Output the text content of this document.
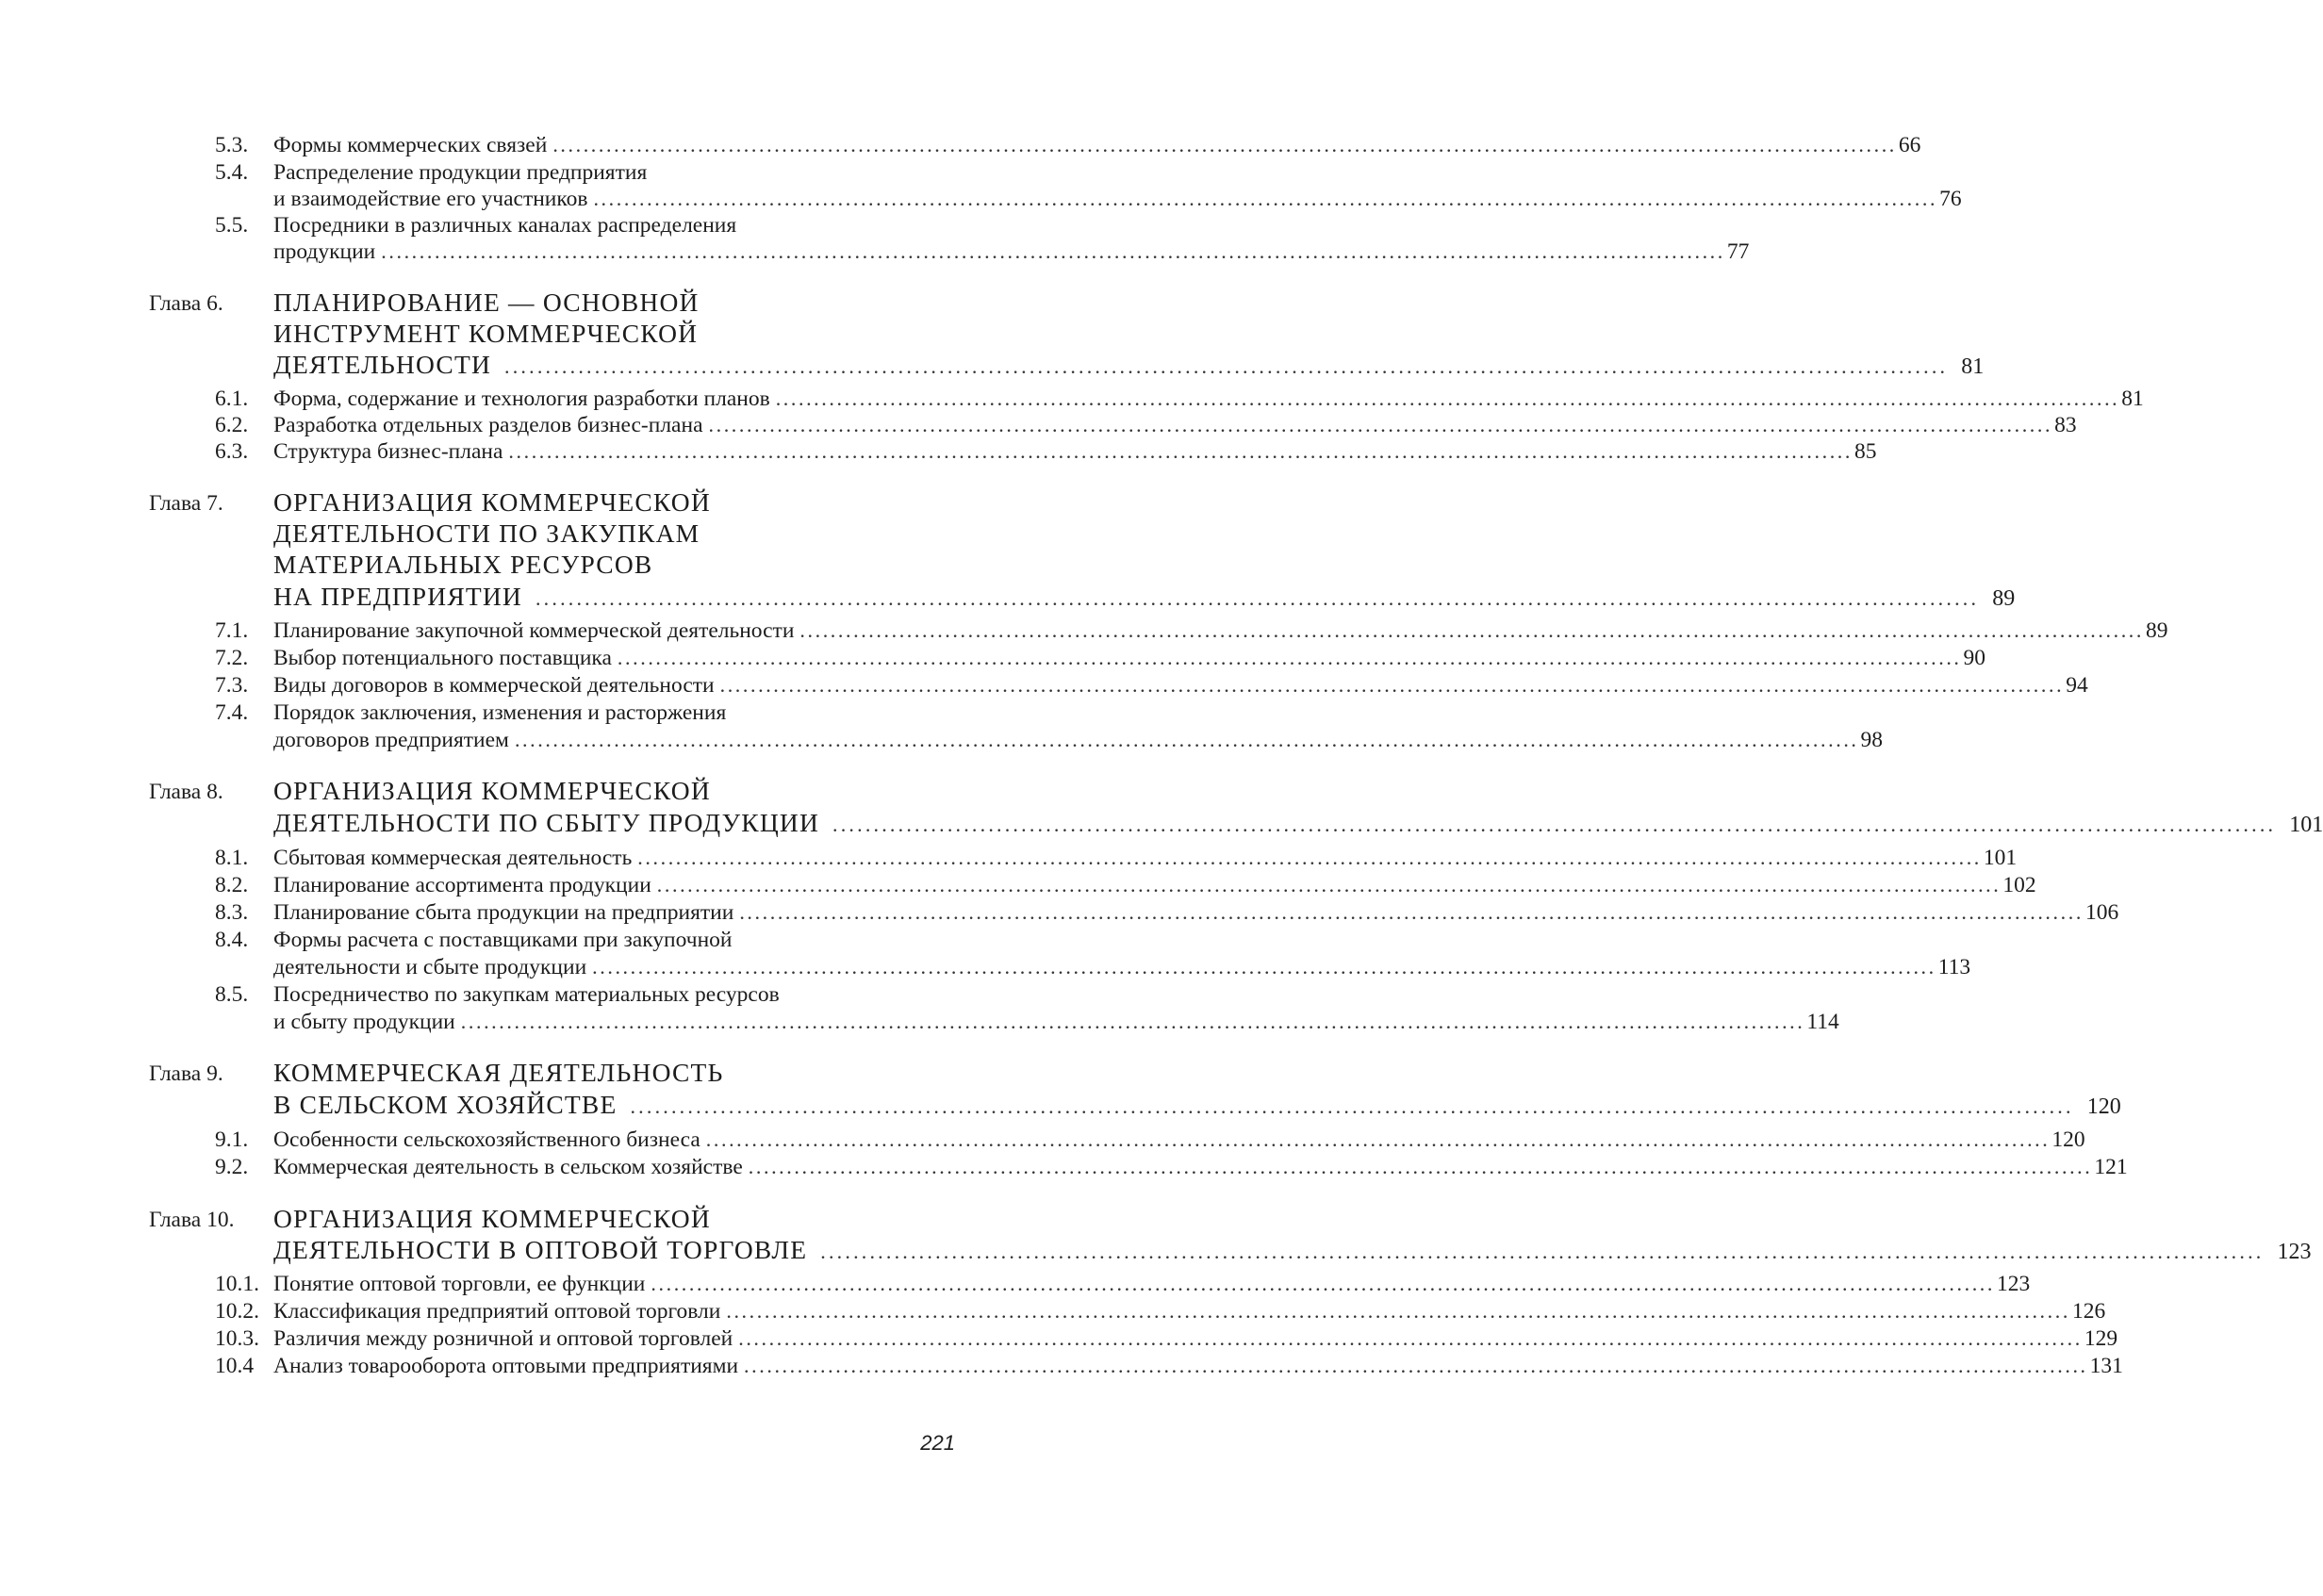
5.3. Формы коммерческих связей ................................................................................................................................................................................ 66
5.4. Распределение продукции предприятия
и взаимодействие его участников ................................................................................................................................................................................ 76
5.5. Посредники в различных каналах распределения
продукции ................................................................................................................................................................................ 77
Глава 6. ПЛАНИРОВАНИЕ — ОСНОВНОЙ
ИНСТРУМЕНТ КОММЕРЧЕСКОЙ
ДЕЯТЕЛЬНОСТИ ................................................................................................................................................................................ 81
6.1. Форма, содержание и технология разработки планов ................................................................................................................................................................................ 81
6.2. Разработка отдельных разделов бизнес-плана ................................................................................................................................................................................ 83
6.3. Структура бизнес-плана ................................................................................................................................................................................ 85
Глава 7. ОРГАНИЗАЦИЯ КОММЕРЧЕСКОЙ
ДЕЯТЕЛЬНОСТИ ПО ЗАКУПКАМ
МАТЕРИАЛЬНЫХ РЕСУРСОВ
НА ПРЕДПРИЯТИИ ................................................................................................................................................................................ 89
7.1. Планирование закупочной коммерческой деятельности ................................................................................................................................................................................ 89
7.2. Выбор потенциального поставщика ................................................................................................................................................................................ 90
7.3. Виды договоров в коммерческой деятельности ................................................................................................................................................................................ 94
7.4. Порядок заключения, изменения и расторжения
договоров предприятием ................................................................................................................................................................................ 98
Глава 8. ОРГАНИЗАЦИЯ КОММЕРЧЕСКОЙ
ДЕЯТЕЛЬНОСТИ ПО СБЫТУ ПРОДУКЦИИ ................................................................................................................................................................................ 101
8.1. Сбытовая коммерческая деятельность ................................................................................................................................................................................ 101
8.2. Планирование ассортимента продукции ................................................................................................................................................................................ 102
8.3. Планирование сбыта продукции на предприятии ................................................................................................................................................................................ 106
8.4. Формы расчета с поставщиками при закупочной
деятельности и сбыте продукции ................................................................................................................................................................................ 113
8.5. Посредничество по закупкам материальных ресурсов
и сбыту продукции ................................................................................................................................................................................ 114
Глава 9. КОММЕРЧЕСКАЯ ДЕЯТЕЛЬНОСТЬ
В СЕЛЬСКОМ ХОЗЯЙСТВЕ ................................................................................................................................................................................ 120
9.1. Особенности сельскохозяйственного бизнеса ................................................................................................................................................................................ 120
9.2. Коммерческая деятельность в сельском хозяйстве ................................................................................................................................................................................ 121
Глава 10. ОРГАНИЗАЦИЯ КОММЕРЧЕСКОЙ
ДЕЯТЕЛЬНОСТИ В ОПТОВОЙ ТОРГОВЛЕ ................................................................................................................................................................................ 123
10.1. Понятие оптовой торговли, ее функции ................................................................................................................................................................................ 123
10.2. Классификация предприятий оптовой торговли ................................................................................................................................................................................ 126
10.3. Различия между розничной и оптовой торговлей ................................................................................................................................................................................ 129
10.4 Анализ товарооборота оптовыми предприятиями ................................................................................................................................................................................ 131
221
